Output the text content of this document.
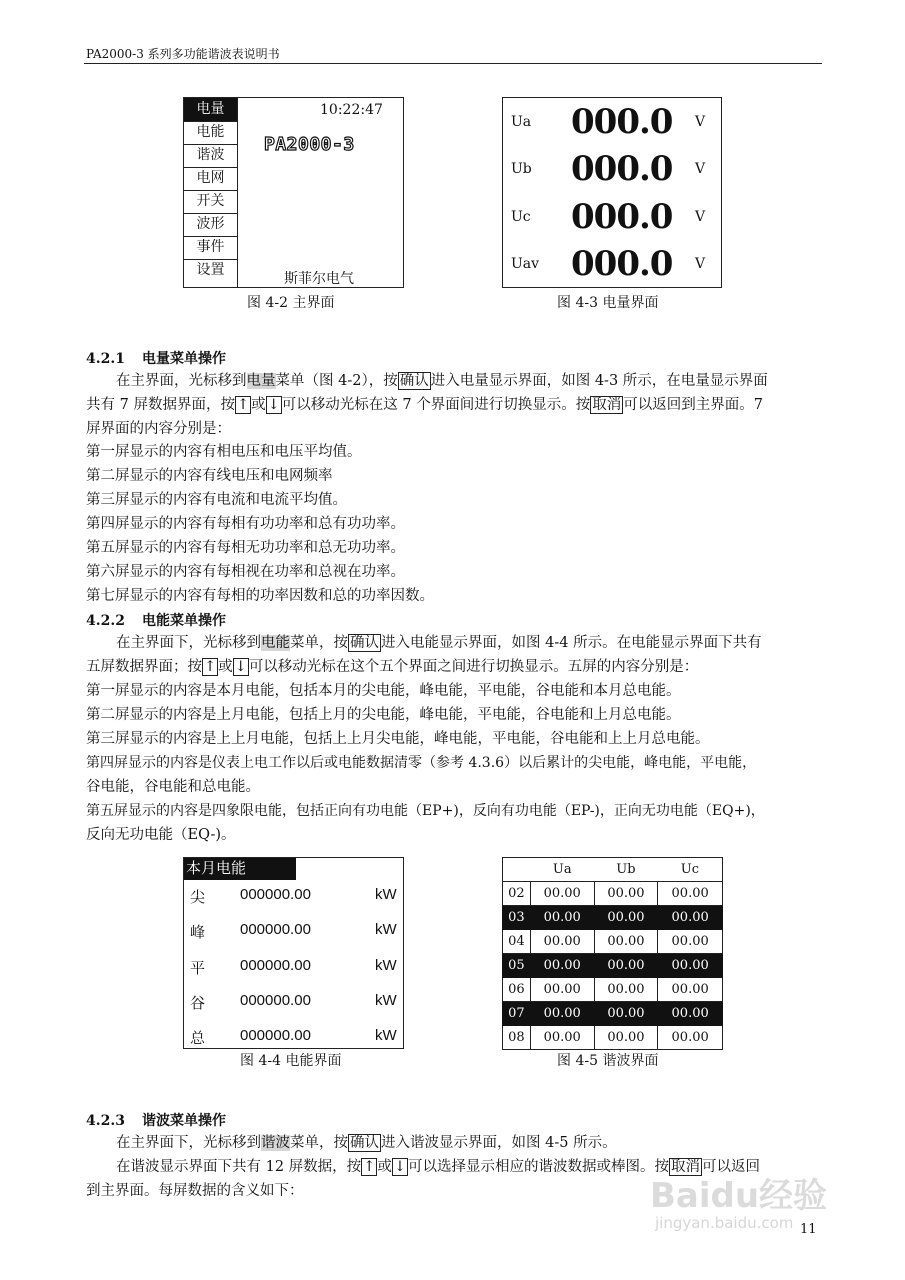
PA2000-3 系列多功能谐波表说明书
电量
电能
谐波
电网
开关
波形
事件
设置
10:22:47
PA2000-3
斯菲尔电气
图 4-2 主界面
Ua 000.0 V
Ub 000.0 V
Uc 000.0 V
Uav 000.0 V
图 4-3 电量界面
4.2.1 电量菜单操作
在主界面，光标移到电量菜单（图 4-2），按 确认 进入电量显示界面，如图 4-3 所示，在电量显示界面
共有 7 屏数据界面，按 ↑ 或 ↓ 可以移动光标在这 7 个界面间进行切换显示。按 取消 可以返回到主界面。7
屏界面的内容分别是：
第一屏显示的内容有相电压和电压平均值。
第二屏显示的内容有线电压和电网频率
第三屏显示的内容有电流和电流平均值。
第四屏显示的内容有每相有功功率和总有功功率。
第五屏显示的内容有每相无功功率和总无功功率。
第六屏显示的内容有每相视在功率和总视在功率。
第七屏显示的内容有每相的功率因数和总的功率因数。
4.2.2 电能菜单操作
在主界面下，光标移到电能菜单，按 确认 进入电能显示界面，如图 4-4 所示。在电能显示界面下共有
五屏数据界面；按 ↑ 或 ↓ 可以移动光标在这个五个界面之间进行切换显示。五屏的内容分别是：
第一屏显示的内容是本月电能，包括本月的尖电能，峰电能，平电能，谷电能和本月总电能。
第二屏显示的内容是上月电能，包括上月的尖电能，峰电能，平电能，谷电能和上月总电能。
第三屏显示的内容是上上月电能，包括上上月尖电能，峰电能，平电能，谷电能和上上月总电能。
第四屏显示的内容是仪表上电工作以后或电能数据清零（参考 4.3.6）以后累计的尖电能，峰电能，平电能，
谷电能，谷电能和总电能。
第五屏显示的内容是四象限电能，包括正向有功电能（EP+)，反向有功电能（EP-)，正向无功电能（EQ+)，
反向无功电能（EQ-)。
本月电能
尖 000000.00	kW
峰 000000.00	kW
平 000000.00	kW
谷 000000.00	kW
总 000000.00	kW
图 4-4 电能界面
	Ua	Ub	Uc
02	00.00	00.00	00.00
03	00.00	00.00	00.00
04	00.00	00.00	00.00
05	00.00	00.00	00.00
06	00.00	00.00	00.00
07	00.00	00.00	00.00
08	00.00	00.00	00.00
图 4-5 谐波界面
4.2.3 谐波菜单操作
在主界面下，光标移到谐波菜单，按 确认 进入谐波显示界面，如图 4-5 所示。
在谐波显示界面下共有 12 屏数据，按 ↑ 或 ↓ 可以选择显示相应的谐波数据或棒图。按 取消 可以返回
到主界面。每屏数据的含义如下：	Baidu经验
jingyan.baidu.com 11
